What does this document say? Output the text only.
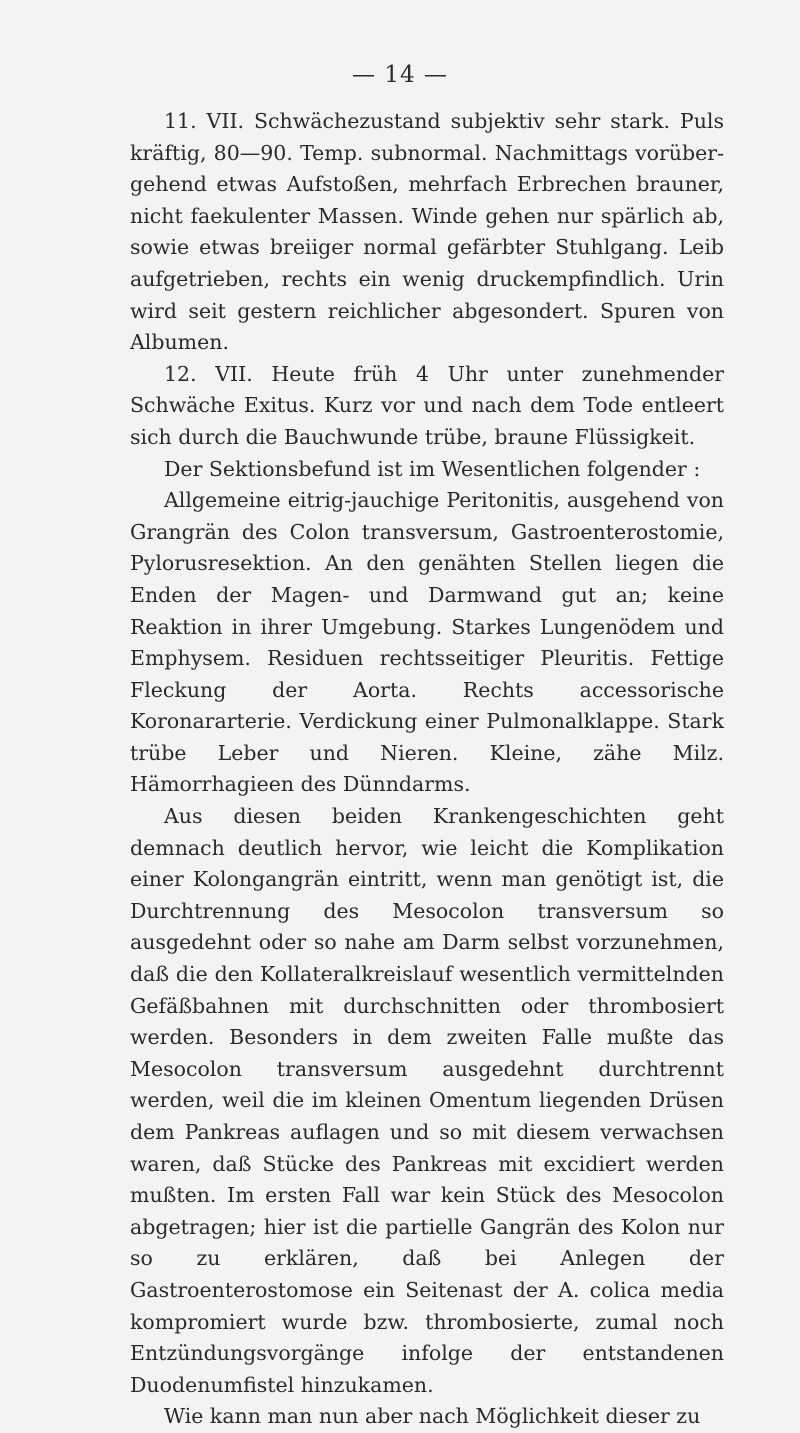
— 14 —

11. VII. Schwächezustand subjektiv sehr stark. Puls kräftig, 80—90. Temp. subnormal. Nachmittags vorübergehend etwas Aufstoßen, mehrfach Erbrechen brauner, nicht faekulenter Massen. Winde gehen nur spärlich ab, sowie etwas breiiger normal gefärbter Stuhlgang. Leib aufgetrieben, rechts ein wenig druckempfindlich. Urin wird seit gestern reichlicher abgesondert. Spuren von Albumen.

12. VII. Heute früh 4 Uhr unter zunehmender Schwäche Exitus. Kurz vor und nach dem Tode entleert sich durch die Bauchwunde trübe, braune Flüssigkeit.

Der Sektionsbefund ist im Wesentlichen folgender :

Allgemeine eitrig-jauchige Peritonitis, ausgehend von Grangrän des Colon transversum, Gastroenterostomie, Pylorusresektion. An den genähten Stellen liegen die Enden der Magen- und Darmwand gut an; keine Reaktion in ihrer Umgebung. Starkes Lungenödem und Emphysem. Residuen rechtsseitiger Pleuritis. Fettige Fleckung der Aorta. Rechts accessorische Koronararterie. Verdickung einer Pulmonalklappe. Stark trübe Leber und Nieren. Kleine, zähe Milz. Hämorrhagieen des Dünndarms.

Aus diesen beiden Krankengeschichten geht demnach deutlich hervor, wie leicht die Komplikation einer Kolongangrän eintritt, wenn man genötigt ist, die Durchtrennung des Mesocolon transversum so ausgedehnt oder so nahe am Darm selbst vorzunehmen, daß die den Kollateralkreislauf wesentlich vermittelnden Gefäßbahnen mit durchschnitten oder thrombosiert werden. Besonders in dem zweiten Falle mußte das Mesocolon transversum ausgedehnt durchtrennt werden, weil die im kleinen Omentum liegenden Drüsen dem Pankreas auflagen und so mit diesem verwachsen waren, daß Stücke des Pankreas mit excidiert werden mußten. Im ersten Fall war kein Stück des Mesocolon abgetragen; hier ist die partielle Gangrän des Kolon nur so zu erklären, daß bei Anlegen der Gastroenterostomose ein Seitenast der A. colica media kompromiert wurde bzw. thrombosierte, zumal noch Entzündungsvorgänge infolge der entstandenen Duodenumfistel hinzukamen.

Wie kann man nun aber nach Möglichkeit dieser zu
